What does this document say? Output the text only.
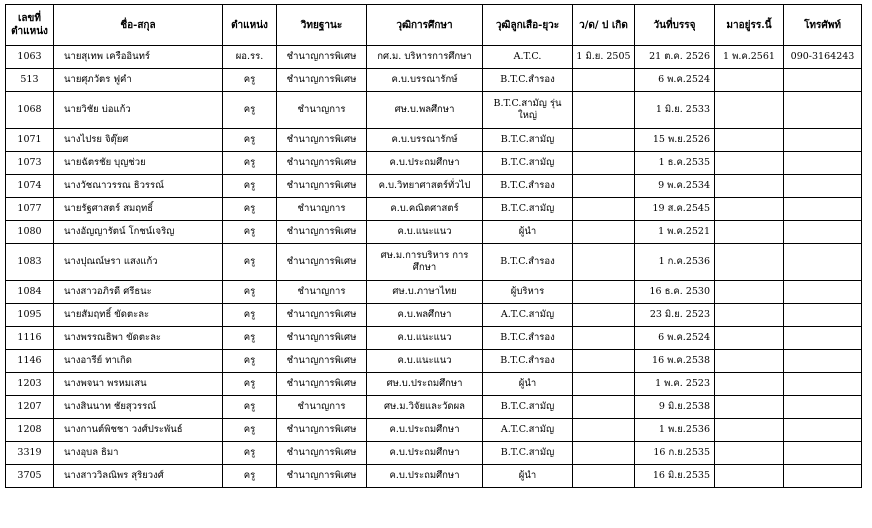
เลขที่ ตำแหน่ง	ชื่อ-สกุล	ตำแหน่ง	วิทยฐานะ	วุฒิการศึกษา	วุฒิลูกเสือ-ยุวะ	ว/ด/ ป เกิด	วันที่บรรจุ	มาอยู่รร.นี้	โทรศัพท์
1063	นายสุเทพ เครืออินทร์	ผอ.รร.	ชำนาญการพิเศษ	กศ.ม. บริหารการศึกษา	A.T.C.	1 มิ.ย. 2505	21 ต.ค. 2526	1 พ.ค.2561	090-3164243
513	นายศุภวัตร ฟูคำ	ครู	ชำนาญการพิเศษ	ค.บ.บรรณารักษ์	B.T.C.สำรอง		6 พ.ค.2524		
1068	นายวิชัย บ่อแก้ว	ครู	ชำนาญการ	ศษ.บ.พลศึกษา	B.T.C.สามัญ รุ่นใหญ่		1 มิ.ย. 2533		
1071	นางไปรย จิตุ๊ยศ	ครู	ชำนาญการพิเศษ	ค.บ.บรรณารักษ์	B.T.C.สามัญ		15 พ.ย.2526		
1073	นายฉัตรชัย บุญช่วย	ครู	ชำนาญการพิเศษ	ค.บ.ประถมศึกษา	B.T.C.สามัญ		1 ธ.ค.2535		
1074	นางวัชณาวรรณ ธิวรรณ์	ครู	ชำนาญการพิเศษ	ค.บ.วิทยาศาสตร์ทั่วไป	B.T.C.สำรอง		9 พ.ค.2534		
1077	นายรัฐศาสตร์ สมฤทธิ์	ครู	ชำนาญการ	ค.บ.คณิตศาสตร์	B.T.C.สามัญ		19 ส.ค.2545		
1080	นางอัญญารัตน์ โกชน์เจริญ	ครู	ชำนาญการพิเศษ	ค.บ.แนะแนว	ผู้นำ		1 พ.ค.2521		
1083	นางปุณณ์ษรา แสงแก้ว	ครู	ชำนาญการพิเศษ	ศษ.ม.การบริหาร การศึกษา	B.T.C.สำรอง		1 ก.ค.2536		
1084	นางสาวอภิรดี ศรีธนะ	ครู	ชำนาญการ	ศษ.บ.ภาษาไทย	ผู้บริหาร		16 ธ.ค. 2530		
1095	นายสัมฤทธิ์ ขัดตะละ	ครู	ชำนาญการพิเศษ	ค.บ.พลศึกษา	A.T.C.สามัญ		23 มิ.ย. 2523		
1116	นางพรรณธิพา ขัดตะละ	ครู	ชำนาญการพิเศษ	ค.บ.แนะแนว	B.T.C.สำรอง		6 พ.ค.2524		
1146	นางอารีย์ ทาเกิด	ครู	ชำนาญการพิเศษ	ค.บ.แนะแนว	B.T.C.สำรอง		16 พ.ค.2538		
1203	นางพจนา พรหมเสน	ครู	ชำนาญการพิเศษ	ศษ.บ.ประถมศึกษา	ผู้นำ		1 พ.ค. 2523		
1207	นางสินนาท ชัยสุวรรณ์	ครู	ชำนาญการ	ศษ.ม.วิจัยและวัดผล	B.T.C.สามัญ		9 มิ.ย.2538		
1208	นางกานต์พิชชา วงศ์ประพันธ์	ครู	ชำนาญการพิเศษ	ค.บ.ประถมศึกษา	A.T.C.สามัญ		1 พ.ย.2536		
3319	นางอุบล ธิมา	ครู	ชำนาญการพิเศษ	ค.บ.ประถมศึกษา	B.T.C.สามัญ		16 ก.ย.2535		
3705	นางสาววิลณิพร สุริยวงศ์	ครู	ชำนาญการพิเศษ	ค.บ.ประถมศึกษา	ผู้นำ		16 มิ.ย.2535		
